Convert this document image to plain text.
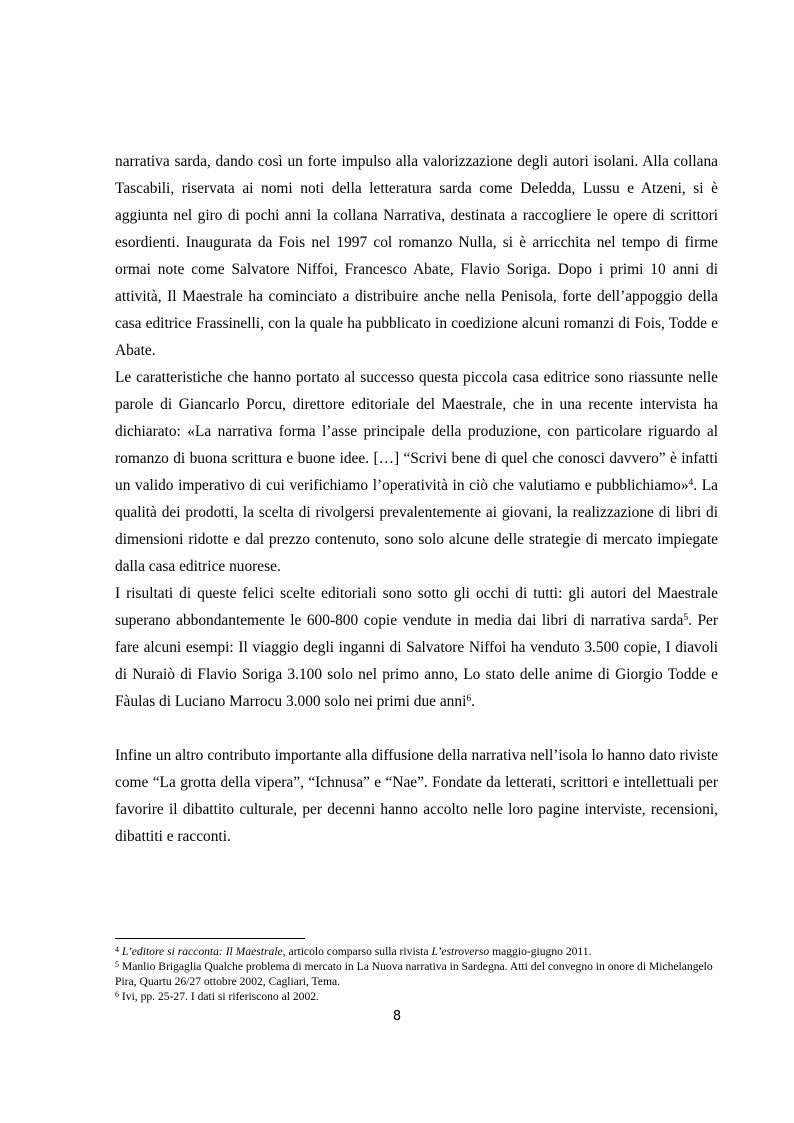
narrativa sarda, dando così un forte impulso alla valorizzazione degli autori isolani. Alla collana Tascabili, riservata ai nomi noti della letteratura sarda come Deledda, Lussu e Atzeni, si è aggiunta nel giro di pochi anni la collana Narrativa, destinata a raccogliere le opere di scrittori esordienti. Inaugurata da Fois nel 1997 col romanzo Nulla, si è arricchita nel tempo di firme ormai note come Salvatore Niffoi, Francesco Abate, Flavio Soriga. Dopo i primi 10 anni di attività, Il Maestrale ha cominciato a distribuire anche nella Penisola, forte dell’appoggio della casa editrice Frassinelli, con la quale ha pubblicato in coedizione alcuni romanzi di Fois, Todde e Abate.

Le caratteristiche che hanno portato al successo questa piccola casa editrice sono riassunte nelle parole di Giancarlo Porcu, direttore editoriale del Maestrale, che in una recente intervista ha dichiarato: «La narrativa forma l’asse principale della produzione, con particolare riguardo al romanzo di buona scrittura e buone idee. […] “Scrivi bene di quel che conosci davvero” è infatti un valido imperativo di cui verifichiamo l’operatività in ciò che valutiamo e pubblichiamo»$^4$. La qualità dei prodotti, la scelta di rivolgersi prevalentemente ai giovani, la realizzazione di libri di dimensioni ridotte e dal prezzo contenuto, sono solo alcune delle strategie di mercato impiegate dalla casa editrice nuorese.

I risultati di queste felici scelte editoriali sono sotto gli occhi di tutti: gli autori del Maestrale superano abbondantemente le 600-800 copie vendute in media dai libri di narrativa sarda$^5$. Per fare alcuni esempi: Il viaggio degli inganni di Salvatore Niffoi ha venduto 3.500 copie, I diavoli di Nuraiò di Flavio Soriga 3.100 solo nel primo anno, Lo stato delle anime di Giorgio Todde e Fàulas di Luciano Marrocu 3.000 solo nei primi due anni$^6$.

Infine un altro contributo importante alla diffusione della narrativa nell’isola lo hanno dato riviste come “La grotta della vipera”, “Ichnusa” e “Nae”. Fondate da letterati, scrittori e intellettuali per favorire il dibattito culturale, per decenni hanno accolto nelle loro pagine interviste, recensioni, dibattiti e racconti.

$^4$ L’editore si racconta: Il Maestrale, articolo comparso sulla rivista L’estroverso maggio-giugno 2011.

$^5$ Manlio Brigaglia Qualche problema di mercato in La Nuova narrativa in Sardegna. Atti del convegno in onore di Michelangelo Pira, Quartu 26/27 ottobre 2002, Cagliari, Tema.

$^6$ Ivi, pp. 25-27. I dati si riferiscono al 2002.

8
